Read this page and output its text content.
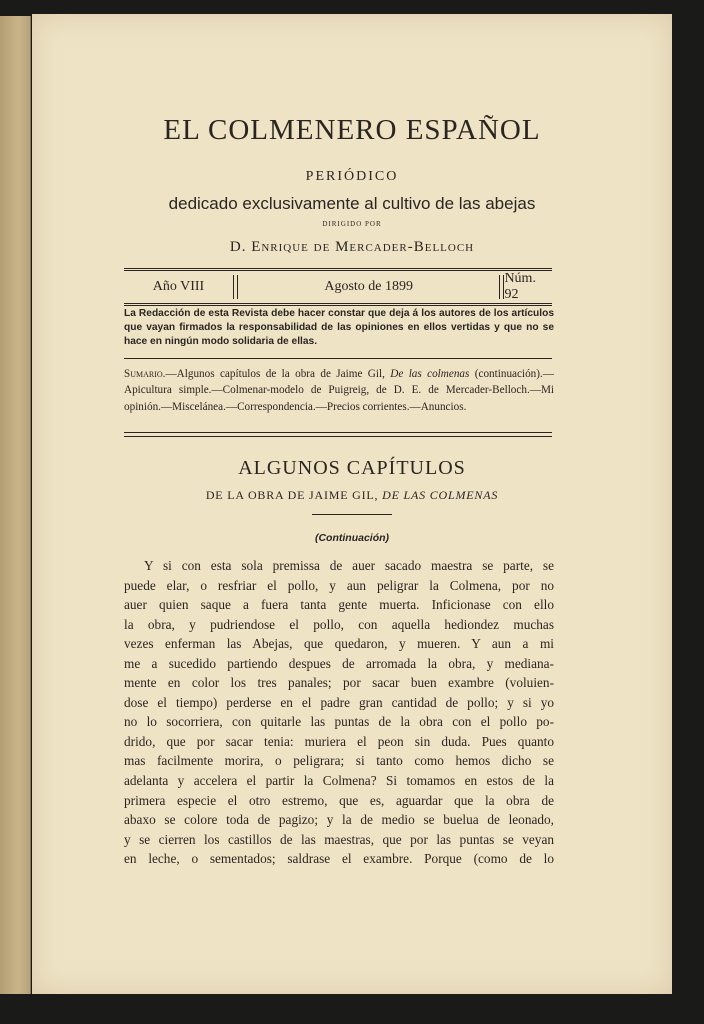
EL COLMENERO ESPAÑOL
PERIÓDICO
dedicado exclusivamente al cultivo de las abejas
DIRIGIDO POR
D. Enrique de Mercader-Belloch
Año VIII	Agosto de 1899
Núm. 92
La Redacción de esta Revista debe hacer constar que deja á los autores de los artículos que vayan firmados la responsabilidad de las opiniones en ellos vertidas y que no se hace en ningún modo solidaria de ellas.
Sumario.—Algunos capítulos de la obra de Jaime Gil, De las colmenas (continuación).—Apicultura simple.—Colmenar-modelo de Puigreig, de D. E. de Mercader-Belloch.—Mi opinión.—Miscelánea.—Correspondencia.—Precios corrientes.—Anuncios.
ALGUNOS CAPÍTULOS
DE LA OBRA DE JAIME GIL, DE LAS COLMENAS
(Continuación)
Y si con esta sola premissa de auer sacado maestra se parte, se
puede elar, o resfriar el pollo, y aun peligrar la Colmena, por no
auer quien saque a fuera tanta gente muerta. Inficionase con ello
la obra, y pudriendose el pollo, con aquella hediondez muchas
vezes enferman las Abejas, que quedaron, y mueren. Y aun a mi
me a sucedido partiendo despues de arromada la obra, y mediana-
mente en color los tres panales; por sacar buen exambre (voluien-
dose el tiempo) perderse en el padre gran cantidad de pollo; y si yo
no lo socorriera, con quitarle las puntas de la obra con el pollo po-
drido, que por sacar tenia: muriera el peon sin duda. Pues quanto
mas facilmente morira, o peligrara; si tanto como hemos dicho se
adelanta y accelera el partir la Colmena? Si tomamos en estos de la
primera especie el otro estremo, que es, aguardar que la obra de
abaxo se colore toda de pagizo; y la de medio se buelua de leonado,
y se cierren los castillos de las maestras, que por las puntas se veyan
en leche, o sementados; saldrase el exambre. Porque (como de lo
